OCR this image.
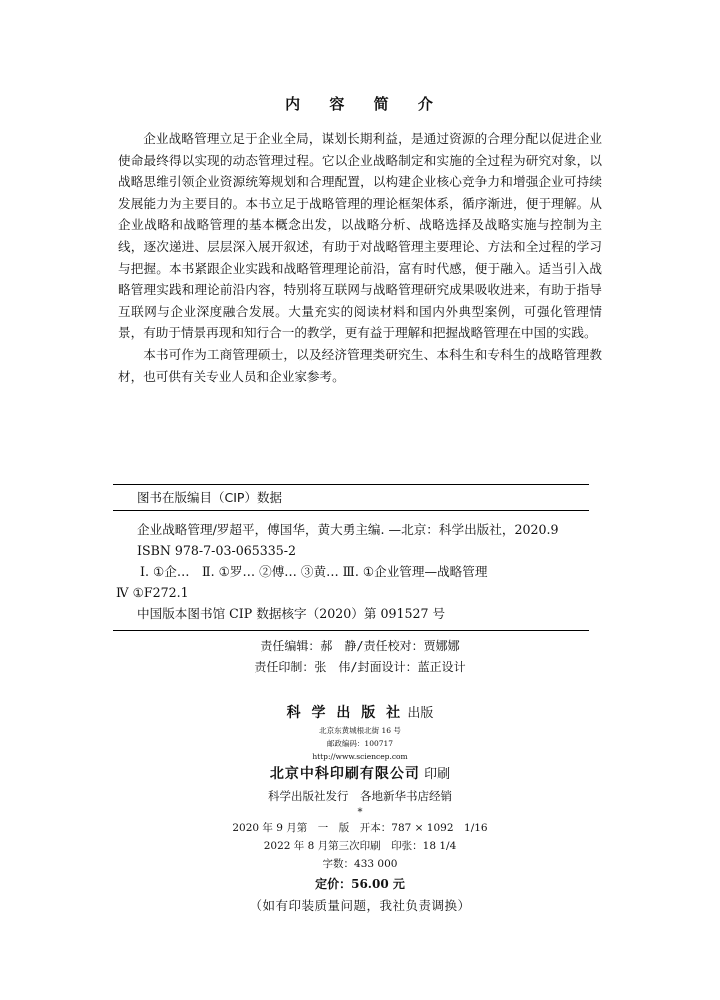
内 容 简 介

企业战略管理立足于企业全局，谋划长期利益，是通过资源的合理分配以促进企业使命最终得以实现的动态管理过程。它以企业战略制定和实施的全过程为研究对象，以战略思维引领企业资源统筹规划和合理配置，以构建企业核心竞争力和增强企业可持续发展能力为主要目的。本书立足于战略管理的理论框架体系，循序渐进，便于理解。从企业战略和战略管理的基本概念出发，以战略分析、战略选择及战略实施与控制为主线，逐次递进、层层深入展开叙述，有助于对战略管理主要理论、方法和全过程的学习与把握。本书紧跟企业实践和战略管理理论前沿，富有时代感，便于融入。适当引入战略管理实践和理论前沿内容，特别将互联网与战略管理研究成果吸收进来，有助于指导互联网与企业深度融合发展。大量充实的阅读材料和国内外典型案例，可强化管理情景，有助于情景再现和知行合一的教学，更有益于理解和把握战略管理在中国的实践。

本书可作为工商管理硕士，以及经济管理类研究生、本科生和专科生的战略管理教材，也可供有关专业人员和企业家参考。

图书在版编目（CIP）数据
企业战略管理/罗超平，傅国华，黄大勇主编. —北京：科学出版社，2020.9
ISBN 978-7-03-065335-2
Ⅰ. ①企…　Ⅱ. ①罗… ②傅… ③黄… Ⅲ. ①企业管理—战略管理
Ⅳ ①F272.1
中国版本图书馆 CIP 数据核字（2020）第 091527 号
责任编辑：郝　静/责任校对：贾娜娜
责任印制：张　伟/封面设计：蓝正设计
科 学 出 版 社 出版
北京东黄城根北街 16 号
邮政编码：100717
http://www.sciencep.com
北京中科印刷有限公司 印刷
科学出版社发行　各地新华书店经销
*
2020 年 9 月第　一　版　开本：787 × 1092　1/16
2022 年 8 月第三次印刷　印张：18 1/4
字数：433 000
定价：56.00 元
（如有印装质量问题，我社负责调换）
